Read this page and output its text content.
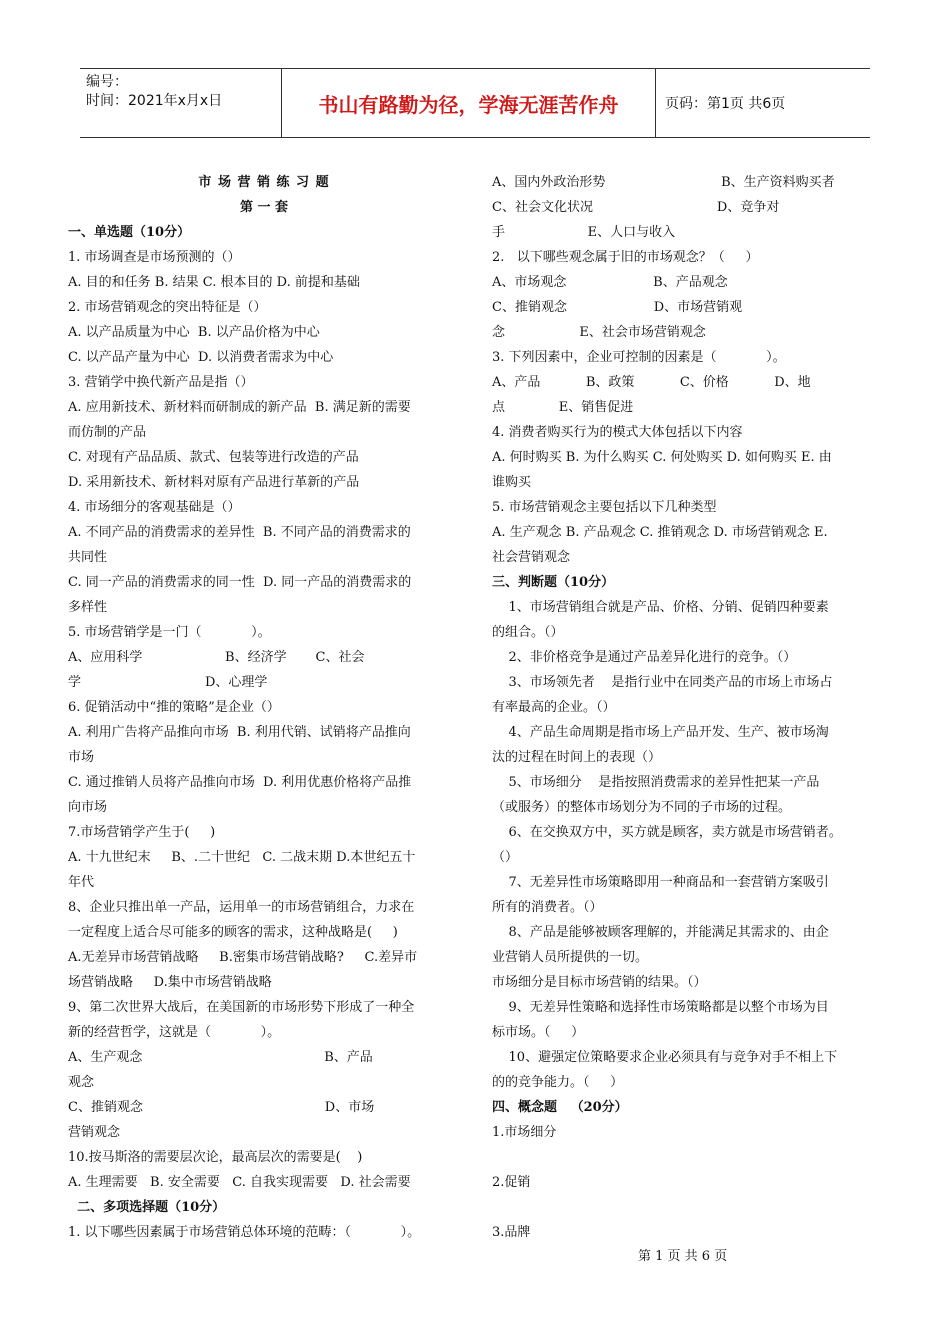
编号：
时间：2021年x月x日	书山有路勤为径，学海无涯苦作舟	页码：第1页 共6页
市 场 营 销 练 习 题
第 一 套
一、单选题（10分）
1. 市场调查是市场预测的（）
A. 目的和任务 B. 结果 C. 根本目的 D. 前提和基础
2. 市场营销观念的突出特征是（）
A. 以产品质量为中心  B. 以产品价格为中心
C. 以产品产量为中心  D. 以消费者需求为中心
3. 营销学中换代新产品是指（）
A. 应用新技术、新材料而研制成的新产品  B. 满足新的需要
而仿制的产品
C. 对现有产品品质、款式、包装等进行改造的产品
D. 采用新技术、新材料对原有产品进行革新的产品
4. 市场细分的客观基础是（）
A. 不同产品的消费需求的差异性  B. 不同产品的消费需求的
共同性
C. 同一产品的消费需求的同一性  D. 同一产品的消费需求的
多样性
5. 市场营销学是一门（            ）。
A、应用科学                    B、经济学       C、社会
学                              D、心理学
6. 促销活动中“推的策略”是企业（）
A. 利用广告将产品推向市场  B. 利用代销、试销将产品推向
市场
C. 通过推销人员将产品推向市场  D. 利用优惠价格将产品推
向市场
7.市场营销学产生于(     )
A. 十九世纪末     B、.二十世纪   C. 二战末期 D.本世纪五十
年代
8、企业只推出单一产品，运用单一的市场营销组合，力求在
一定程度上适合尽可能多的顾客的需求，这种战略是(     )
A.无差异市场营销战略     B.密集市场营销战略?     C.差异市
场营销战略     D.集中市场营销战略
9、第二次世界大战后，在美国新的市场形势下形成了一种全
新的经营哲学，这就是（            ）。
A、生产观念                                            B、产品
观念
C、推销观念                                            D、市场
营销观念
10.按马斯洛的需要层次论，最高层次的需要是(    )
A. 生理需要   B. 安全需要   C. 自我实现需要   D. 社会需要
二、多项选择题（10分）
1. 以下哪些因素属于市场营销总体环境的范畴：（            ）。
A、国内外政治形势                            B、生产资料购买者
C、社会文化状况                              D、竞争对
手                    E、人口与收入
2.   以下哪些观念属于旧的市场观念？（     ）
A、市场观念                     B、产品观念
C、推销观念                     D、市场营销观
念                  E、社会市场营销观念
3. 下列因素中，企业可控制的因素是（            ）。
A、产品           B、政策           C、价格           D、地
点             E、销售促进
4. 消费者购买行为的模式大体包括以下内容
A. 何时购买 B. 为什么购买 C. 何处购买 D. 如何购买 E. 由
谁购买
5. 市场营销观念主要包括以下几种类型
A. 生产观念 B. 产品观念 C. 推销观念 D. 市场营销观念 E.
社会营销观念
三、判断题（10分）
1、市场营销组合就是产品、价格、分销、促销四种要素
的组合。（）
2、非价格竞争是通过产品差异化进行的竞争。（）
3、市场领先者    是指行业中在同类产品的市场上市场占
有率最高的企业。（）
4、产品生命周期是指市场上产品开发、生产、被市场淘
汰的过程在时间上的表现（）
5、市场细分    是指按照消费需求的差异性把某一产品
（或服务）的整体市场划分为不同的子市场的过程。
6、在交换双方中，买方就是顾客，卖方就是市场营销者。
（）
7、无差异性市场策略即用一种商品和一套营销方案吸引
所有的消费者。（）
8、产品是能够被顾客理解的，并能满足其需求的、由企
业营销人员所提供的一切。
市场细分是目标市场营销的结果。（）
9、无差异性策略和选择性市场策略都是以整个市场为目
标市场。（     ）
10、避强定位策略要求企业必须具有与竞争对手不相上下
的的竞争能力。（     ）
四、概念题   （20分）
1.市场细分
2.促销
3.品牌
第 1 页 共 6 页
